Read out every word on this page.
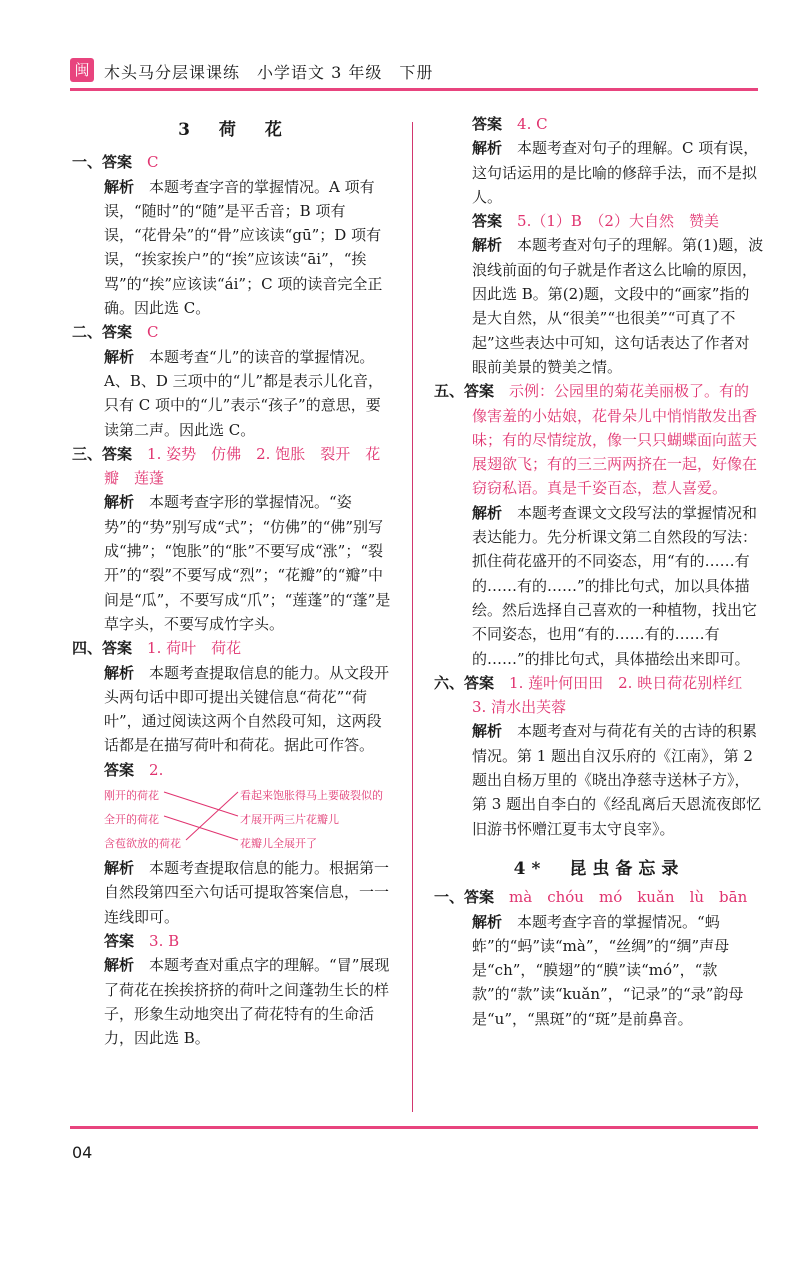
闽 木头马分层课课练　小学语文 3 年级　下册
3　荷　花
一、答案　 C
解析　 本题考查字音的掌握情况。A 项有误，“随时”的“随”是平舌音；B 项有误，“花骨朵”的“骨”应该读“gū”；D 项有误，“挨家挨户”的“挨”应该读“āi”，“挨骂”的“挨”应该读“ái”；C 项的读音完全正确。因此选 C。
二、答案　 C
解析　 本题考查“儿”的读音的掌握情况。A、B、D 三项中的“儿”都是表示儿化音，只有 C 项中的“儿”表示“孩子”的意思，要读第二声。因此选 C。
三、答案　 1. 姿势　仿佛　2. 饱胀　裂开　花瓣　莲蓬
解析　 本题考查字形的掌握情况。“姿势”的“势”别写成“式”；“仿佛”的“佛”别写成“拂”；“饱胀”的“胀”不要写成“涨”；“裂开”的“裂”不要写成“烈”；“花瓣”的“瓣”中间是“瓜”，不要写成“爪”；“莲蓬”的“蓬”是草字头，不要写成竹字头。
四、答案　 1. 荷叶　荷花
解析　 本题考查提取信息的能力。从文段开头两句话中即可提出关键信息“荷花”“荷叶”，通过阅读这两个自然段可知，这两段话都是在描写荷叶和荷花。据此可作答。
答案　 2.
刚开的荷花
全开的荷花
含苞欲放的荷花
看起来饱胀得马上要破裂似的
才展开两三片花瓣儿
花瓣儿全展开了
解析　 本题考查提取信息的能力。根据第一自然段第四至六句话可提取答案信息，一一连线即可。
答案　 3. B
解析　 本题考查对重点字的理解。“冒”展现了荷花在挨挨挤挤的荷叶之间蓬勃生长的样子，形象生动地突出了荷花特有的生命活力，因此选 B。
答案　 4. C
解析　 本题考查对句子的理解。C 项有误，这句话运用的是比喻的修辞手法，而不是拟人。
答案　 5.（1）B　（2）大自然　赞美
解析　 本题考查对句子的理解。第(1)题，波浪线前面的句子就是作者这么比喻的原因，因此选 B。第(2)题，文段中的“画家”指的是大自然，从“很美”“也很美”“可真了不起”这些表达中可知，这句话表达了作者对眼前美景的赞美之情。
五、答案　 示例：公园里的菊花美丽极了。有的像害羞的小姑娘，花骨朵儿中悄悄散发出香味；有的尽情绽放，像一只只蝴蝶面向蓝天展翅欲飞；有的三三两两挤在一起，好像在窃窃私语。真是千姿百态，惹人喜爱。
解析　 本题考查课文文段写法的掌握情况和表达能力。先分析课文第二自然段的写法：抓住荷花盛开的不同姿态，用“有的……有的……有的……”的排比句式，加以具体描绘。然后选择自己喜欢的一种植物，找出它不同姿态，也用“有的……有的……有的……”的排比句式，具体描绘出来即可。
六、答案　 1. 莲叶何田田　2. 映日荷花别样红　3. 清水出芙蓉
解析　 本题考查对与荷花有关的古诗的积累情况。第 1 题出自汉乐府的《江南》，第 2 题出自杨万里的《晓出净慈寺送林子方》，第 3 题出自李白的《经乱离后天恩流夜郎忆旧游书怀赠江夏韦太守良宰》。
4*　昆虫备忘录
一、答案　 mà　chóu　mó　kuǎn　lù　bān
解析　 本题考查字音的掌握情况。“蚂蚱”的“蚂”读“mà”，“丝绸”的“绸”声母是“ch”，“膜翅”的“膜”读“mó”，“款款”的“款”读“kuǎn”，“记录”的“录”韵母是“u”，“黑斑”的“斑”是前鼻音。
04
